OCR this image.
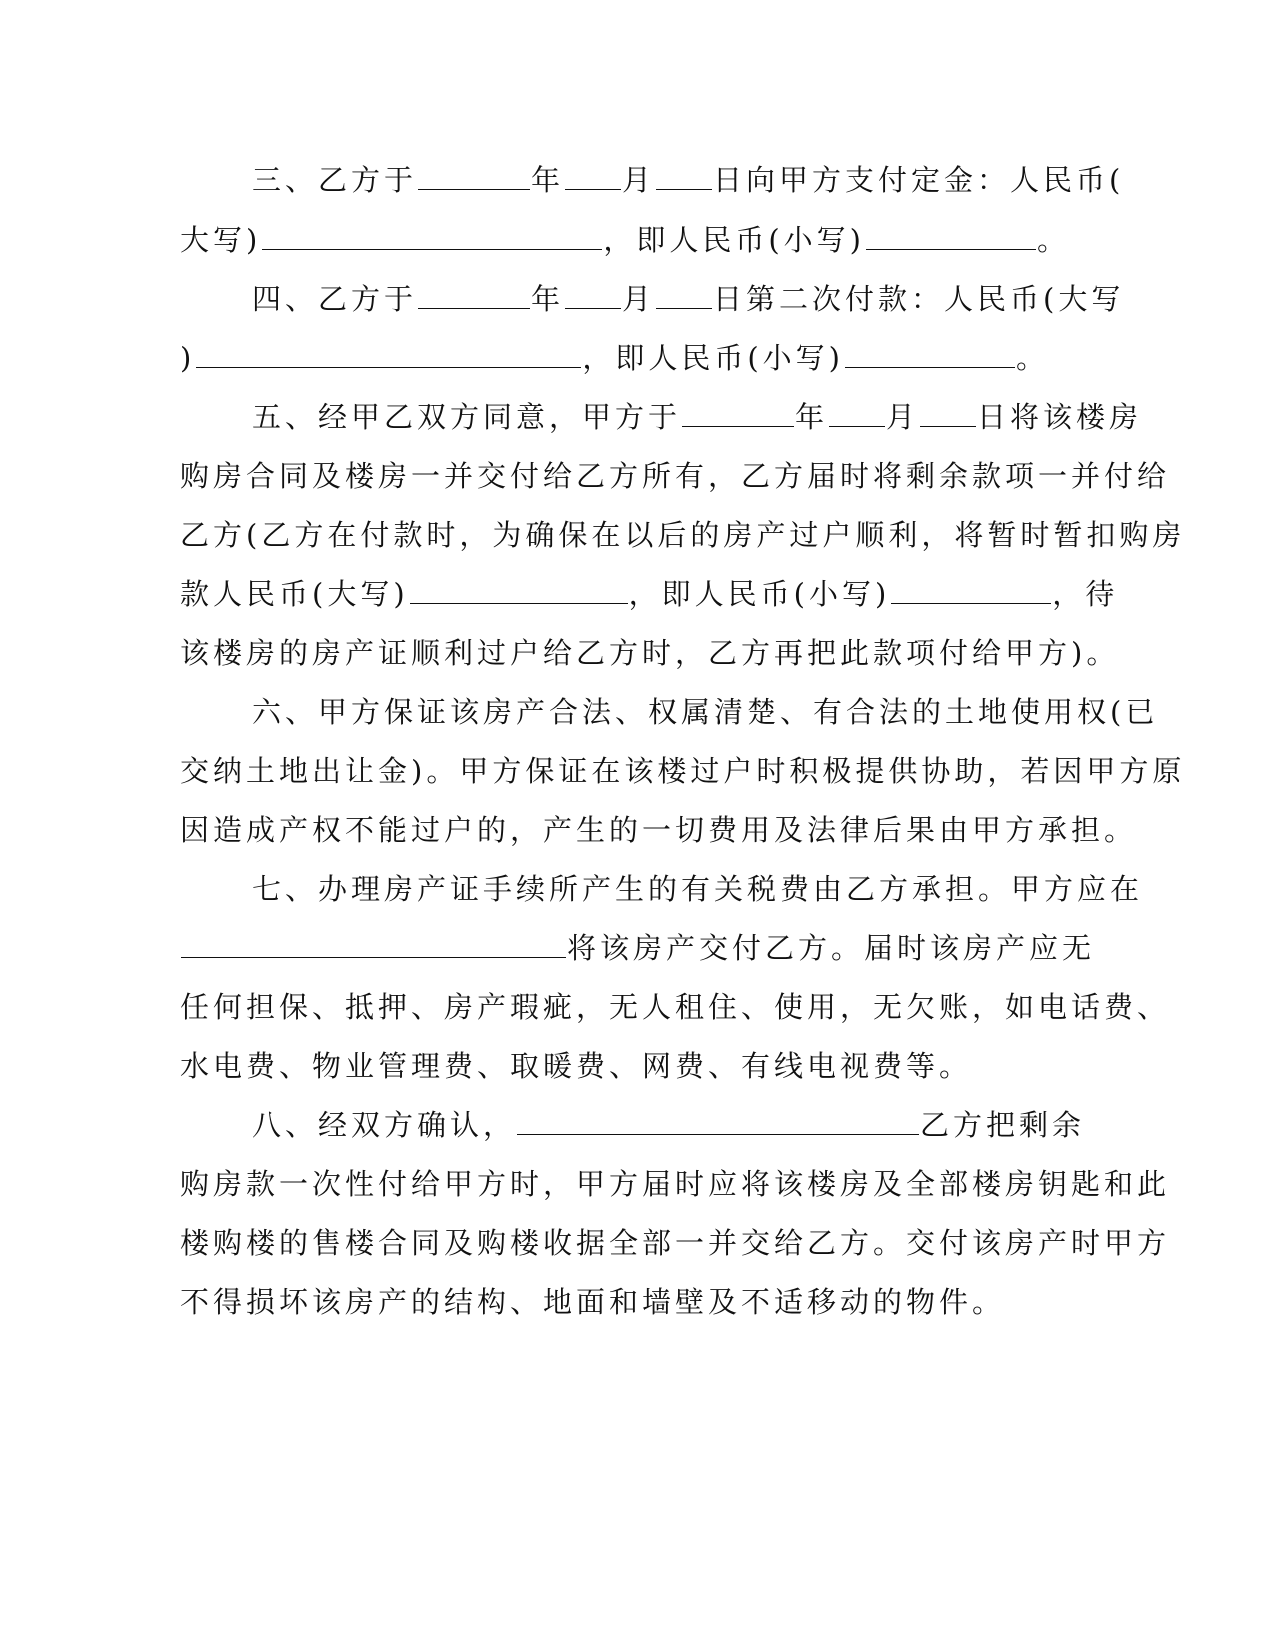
三、乙方于	年 月 日向甲方支付定金：人民币(
大写)	，即人民币(小写)	。
四、乙方于	年 月 日第二次付款：人民币(大写
)	，即人民币(小写)	。
五、经甲乙双方同意，甲方于	年 月 日将该楼房
购房合同及楼房一并交付给乙方所有，乙方届时将剩余款项一并付给
乙方(乙方在付款时，为确保在以后的房产过户顺利，将暂时暂扣购房
款人民币(大写)	，即人民币(小写)	，待
该楼房的房产证顺利过户给乙方时，乙方再把此款项付给甲方)。
六、甲方保证该房产合法、权属清楚、有合法的土地使用权(已
交纳土地出让金)。甲方保证在该楼过户时积极提供协助，若因甲方原
因造成产权不能过户的，产生的一切费用及法律后果由甲方承担。
七、办理房产证手续所产生的有关税费由乙方承担。甲方应在
将该房产交付乙方。届时该房产应无
任何担保、抵押、房产瑕疵，无人租住、使用，无欠账，如电话费、
水电费、物业管理费、取暖费、网费、有线电视费等。
八、经双方确认，	乙方把剩余
购房款一次性付给甲方时，甲方届时应将该楼房及全部楼房钥匙和此
楼购楼的售楼合同及购楼收据全部一并交给乙方。交付该房产时甲方
不得损坏该房产的结构、地面和墙壁及不适移动的物件。
